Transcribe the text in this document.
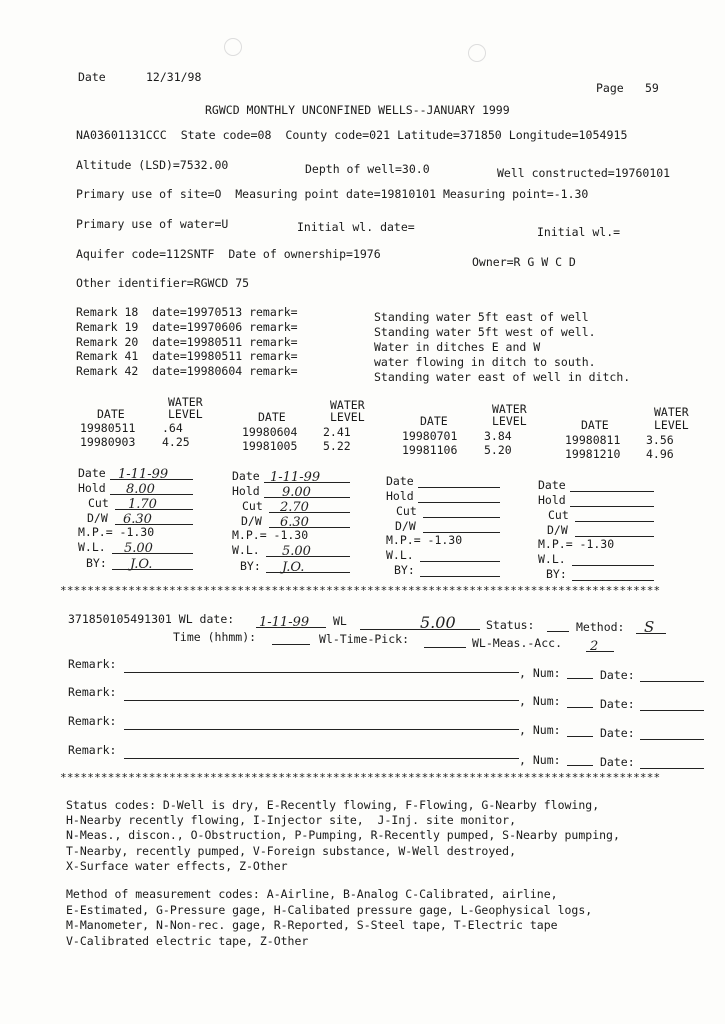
Date	12/31/98
Page 59
RGWCD MONTHLY UNCONFINED WELLS--JANUARY 1999
NA03601131CCC  State code=08  County code=021 Latitude=371850 Longitude=1054915
Altitude (LSD)=7532.00	Depth of well=30.0	Well constructed=19760101
Primary use of site=O  Measuring point date=19810101 Measuring point=-1.30
Primary use of water=U	Initial wl. date=	Initial wl.=
Aquifer code=112SNTF  Date of ownership=1976
Owner=R G W C D
Other identifier=RGWCD 75
Remark 18  date=19970513 remark=	Standing water 5ft east of well
Remark 19  date=19970606 remark=	Standing water 5ft west of well.
Remark 20  date=19980511 remark=	Water in ditches E and W
Remark 41  date=19980511 remark=	water flowing in ditch to south.
Remark 42  date=19980604 remark=	Standing water east of well in ditch.
WATER
DATE	LEVEL
19980511 .64
19980903 4.25
WATER
DATE	LEVEL
19980604 2.41
19981005 5.22
WATER
DATE	LEVEL
19980701 3.84
19981106 5.20
WATER
DATE	LEVEL
19980811 3.56
19981210 4.96
Date 1-11-99
Hold 8.00
Cut 1.70
D/W 6.30
M.P.= -1.30
W.L. 5.00
BY: J.O.
Date 1-11-99
Hold 9.00
Cut 2.70
D/W 6.30
M.P.= -1.30
W.L. 5.00
BY: J.O.
Date
Hold
Cut
D/W
M.P.= -1.30
W.L.
BY:
Date
Hold
Cut
D/W
M.P.= -1.30
W.L.
BY:
****************************************************************************************
371850105491301 WL date: 1-11-99 WL	5.00	Status:	Method: S
Time (hhmm):	Wl-Time-Pick:	WL-Meas.-Acc. 2
Remark:
, Num:	Date:
Remark:
, Num:	Date:
Remark:
, Num:	Date:
Remark:
, Num:	Date:
****************************************************************************************
Status codes: D-Well is dry, E-Recently flowing, F-Flowing, G-Nearby flowing,
H-Nearby recently flowing, I-Injector site,  J-Inj. site monitor,
N-Meas., discon., O-Obstruction, P-Pumping, R-Recently pumped, S-Nearby pumping,
T-Nearby, recently pumped, V-Foreign substance, W-Well destroyed,
X-Surface water effects, Z-Other
Method of measurement codes: A-Airline, B-Analog C-Calibrated, airline,
E-Estimated, G-Pressure gage, H-Calibated pressure gage, L-Geophysical logs,
M-Manometer, N-Non-rec. gage, R-Reported, S-Steel tape, T-Electric tape
V-Calibrated electric tape, Z-Other
